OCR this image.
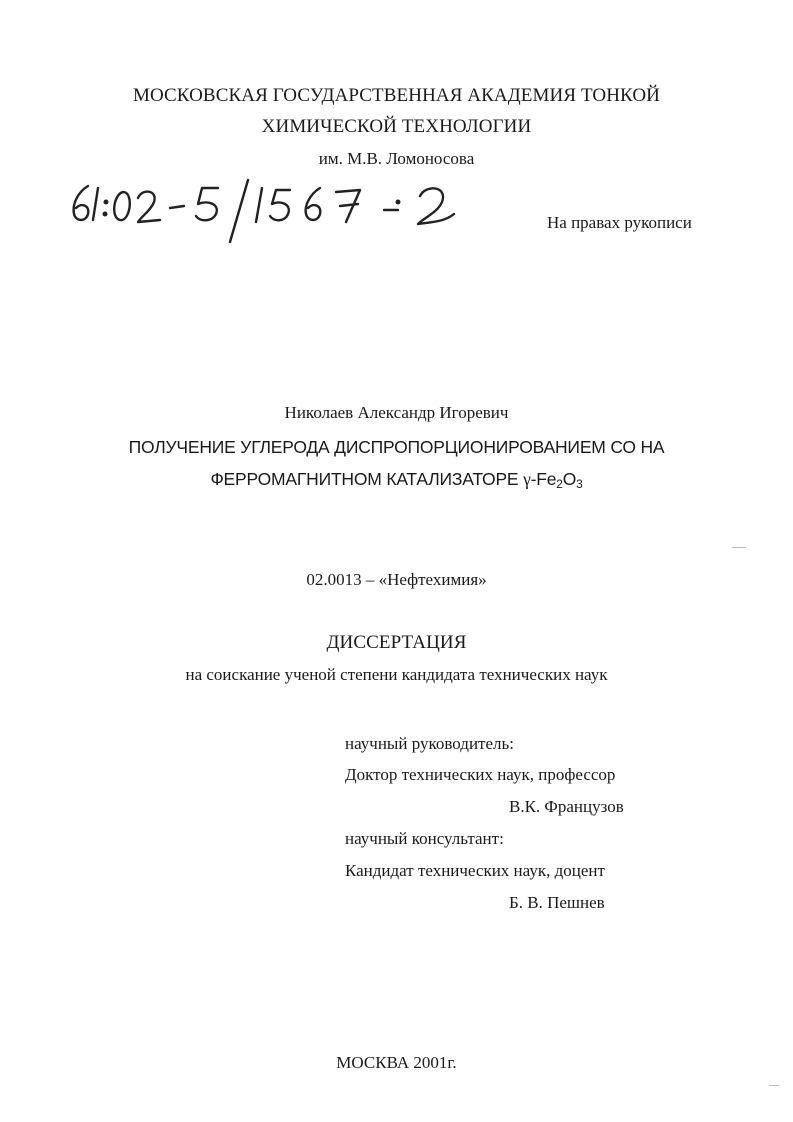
МОСКОВСКАЯ ГОСУДАРСТВЕННАЯ АКАДЕМИЯ ТОНКОЙ
ХИМИЧЕСКОЙ ТЕХНОЛОГИИ
им. М.В. Ломоносова
На правах рукописи
Николаев Александр Игоревич
ПОЛУЧЕНИЕ УГЛЕРОДА ДИСПРОПОРЦИОНИРОВАНИЕМ СО НА
ФЕРРОМАГНИТНОМ КАТАЛИЗАТОРЕ $\gamma-Fe_2O_3$
02.0013 – «Нефтехимия»
ДИССЕРТАЦИЯ
на соискание ученой степени кандидата технических наук
научный руководитель:
Доктор технических наук, профессор
В.К. Французов
научный консультант:
Кандидат технических наук, доцент
Б. В. Пешнев
МОСКВА 2001г.
